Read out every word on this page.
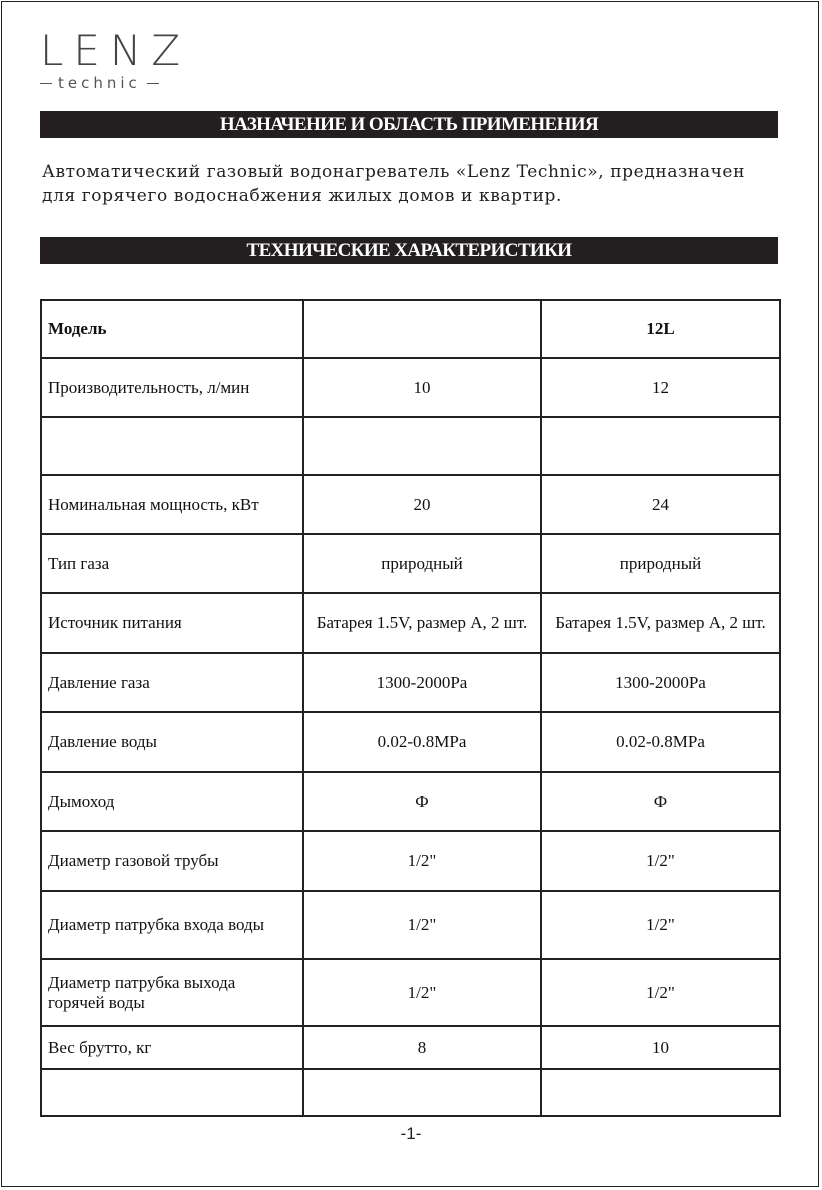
LENZ
technic
НАЗНАЧЕНИЕ И ОБЛАСТЬ ПРИМЕНЕНИЯ

Автоматический газовый водонагреватель «Lenz Technic», предназначен
для горячего водоснабжения жилых домов и квартир.

ТЕХНИЧЕСКИЕ ХАРАКТЕРИСТИКИ
Модель		12L
Производительность, л/мин	10	12

Номинальная мощность, кВт	20	24
Тип газа	природный	природный
Источник питания	Батарея 1.5V, размер А, 2 шт.	Батарея 1.5V, размер А, 2 шт.
Давление газа	1300-2000Pa	1300-2000Pa
Давление воды	0.02-0.8MPa	0.02-0.8MPa
Дымоход	Ф	Ф
Диаметр газовой трубы	1/2"	1/2"
Диаметр патрубка входа воды	1/2"	1/2"
Диаметр патрубка выхода горячей воды	1/2"	1/2"
Вес брутто, кг	8	10

-1-
